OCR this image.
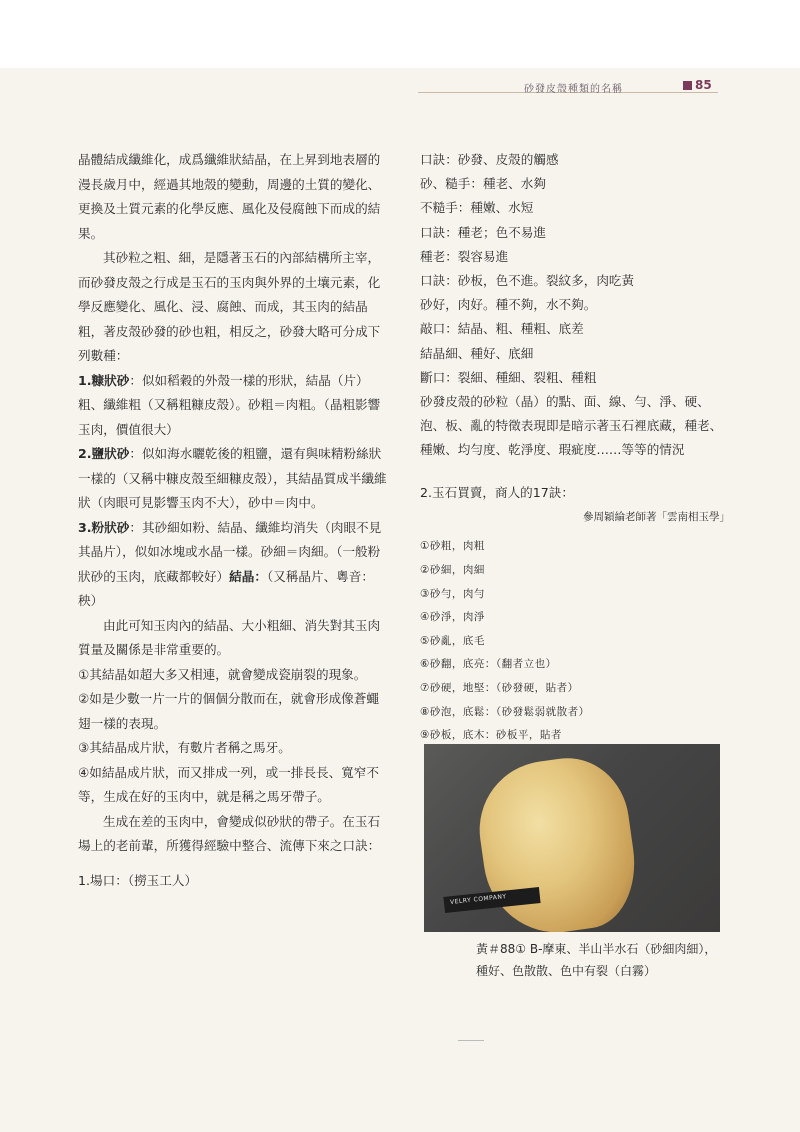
砂發皮殼種類的名稱	85

晶體結成纖維化，成爲纖維狀結晶，在上昇到地表層的漫長歲月中，經過其地殼的變動，周邊的土質的變化、更換及土質元素的化學反應、風化及侵腐蝕下而成的結果。

其砂粒之粗、細，是隱著玉石的內部結構所主宰，而砂發皮殼之行成是玉石的玉肉與外界的土壤元素，化學反應變化、風化、浸、腐蝕、而成，其玉肉的結晶粗，著皮殼砂發的砂也粗，相反之，砂發大略可分成下列數種：

1.糠狀砂：似如稻穀的外殼一樣的形狀，結晶（片）粗、纖維粗（又稱粗糠皮殼）。砂粗＝肉粗。（晶粗影響玉肉，價值很大）

2.鹽狀砂：似如海水曬乾後的粗鹽，還有與味精粉絲狀一樣的（又稱中糠皮殼至細糠皮殼），其結晶質成半纖維狀（肉眼可見影響玉肉不大），砂中＝肉中。

3.粉狀砂：其砂細如粉、結晶、纖維均消失（肉眼不見其晶片），似如冰塊或水晶一樣。砂細＝肉細。（一般粉狀砂的玉肉，底藏都較好）結晶：（又稱晶片、粵音：秧）

由此可知玉肉內的結晶、大小粗細、消失對其玉肉質量及關係是非常重要的。

①其結晶如超大多又相連，就會變成瓷崩裂的現象。

②如是少數一片一片的個個分散而在，就會形成像蒼蠅翅一樣的表現。

③其結晶成片狀，有數片者稱之馬牙。

④如結晶成片狀，而又排成一列，或一排長長、寬窄不等，生成在好的玉肉中，就是稱之馬牙帶子。

生成在差的玉肉中，會變成似砂狀的帶子。在玉石場上的老前輩，所獲得經驗中整合、流傳下來之口訣：

1.場口：（撈玉工人）

口訣：砂發、皮殼的觸感

砂、糙手：種老、水夠

不糙手：種嫩、水短

口訣：種老；色不易進

種老：裂容易進

口訣：砂板，色不進。裂紋多，肉吃黃

砂好，肉好。種不夠，水不夠。

敲口：結晶、粗、種粗、底差

結晶細、種好、底細

斷口：裂細、種細、裂粗、種粗

砂發皮殼的砂粒（晶）的點、面、線、勻、淨、硬、泡、板、亂的特徵表現即是暗示著玉石裡底藏，種老、種嫩、均勻度、乾淨度、瑕疵度……等等的情況

2.玉石買賣，商人的17訣：

參周穎綸老師著「雲南相玉學」

①砂粗，肉粗

②砂細，肉細

③砂勻，肉勻

④砂淨，肉淨

⑤砂亂，底毛

⑥砂翻，底亮：（翻者立也）

⑦砂硬，地堅：（砂發硬，貼者）

⑧砂泡，底鬆：（砂發鬆弱就散者）

⑨砂板，底木：砂板平，貼者

VELRY COMPANY
黃＃88① B-摩東、半山半水石（砂細肉細），種好、色散散、色中有裂（白霧）
